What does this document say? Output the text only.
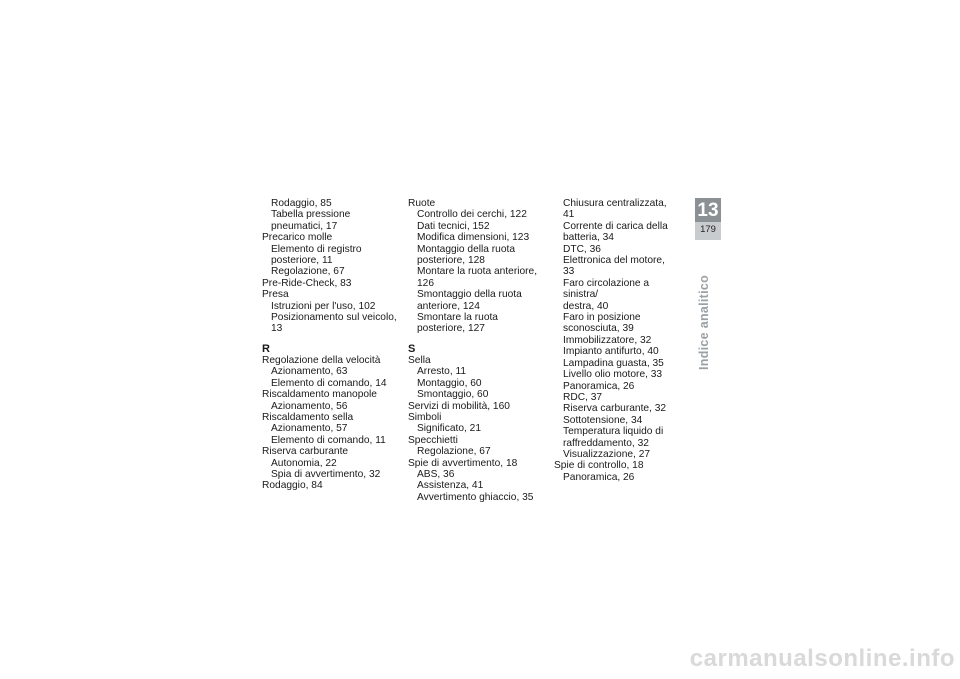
Rodaggio, 85
Tabella pressione
pneumatici, 17
Precarico molle
Elemento di registro
posteriore, 11
Regolazione, 67
Pre-Ride-Check, 83
Presa
Istruzioni per l'uso, 102
Posizionamento sul veicolo, 13
R
Regolazione della velocità
Azionamento, 63
Elemento di comando, 14
Riscaldamento manopole
Azionamento, 56
Riscaldamento sella
Azionamento, 57
Elemento di comando, 11
Riserva carburante
Autonomia, 22
Spia di avvertimento, 32
Rodaggio, 84
Ruote
Controllo dei cerchi, 122
Dati tecnici, 152
Modifica dimensioni, 123
Montaggio della ruota
posteriore, 128
Montare la ruota anteriore, 126
Smontaggio della ruota
anteriore, 124
Smontare la ruota
posteriore, 127
S
Sella
Arresto, 11
Montaggio, 60
Smontaggio, 60
Servizi di mobilità, 160
Simboli
Significato, 21
Specchietti
Regolazione, 67
Spie di avvertimento, 18
ABS, 36
Assistenza, 41
Avvertimento ghiaccio, 35
Chiusura centralizzata, 41
Corrente di carica della
batteria, 34
DTC, 36
Elettronica del motore, 33
Faro circolazione a sinistra/
destra, 40
Faro in posizione
sconosciuta, 39
Immobilizzatore, 32
Impianto antifurto, 40
Lampadina guasta, 35
Livello olio motore, 33
Panoramica, 26
RDC, 37
Riserva carburante, 32
Sottotensione, 34
Temperatura liquido di
raffreddamento, 32
Visualizzazione, 27
Spie di controllo, 18
Panoramica, 26
13
179
Indice analitico
carmanualsonline.info
